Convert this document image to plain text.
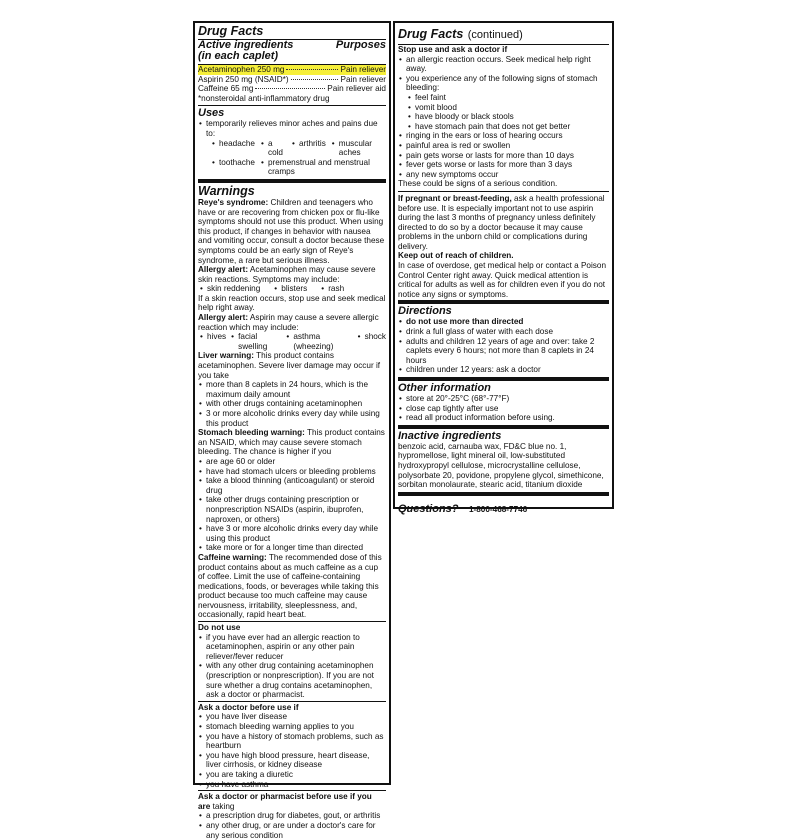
Drug Facts
Active ingredients	Purposes
(in each caplet)
Acetaminophen 250 mg	Pain reliever
Aspirin 250 mg (NSAID*)	Pain reliever
Caffeine 65 mg	Pain reliever aid
*nonsteroidal anti-inflammatory drug
Uses
• temporarily relieves minor aches and pains due to:
• headache	• a cold
• arthritis	• muscular aches
• toothache	• premenstrual and menstrual cramps
Warnings
Reye's syndrome: Children and teenagers who have or are recovering from chicken pox or flu-like symptoms should not use this product. When using this product, if changes in behavior with nausea and vomiting occur, consult a doctor because these symptoms could be an early sign of Reye's syndrome, a rare but serious illness.
Allergy alert: Acetaminophen may cause severe skin reactions. Symptoms may include:
• skin reddening	• blisters	• rash
If a skin reaction occurs, stop use and seek medical help right away.
Allergy alert: Aspirin may cause a severe allergic reaction which may include:
• hives	• facial swelling
• asthma (wheezing)
• shock
Liver warning: This product contains acetaminophen. Severe liver damage may occur if you take
• more than 8 caplets in 24 hours, which is the maximum daily amount
• with other drugs containing acetaminophen
• 3 or more alcoholic drinks every day while using this product
Stomach bleeding warning: This product contains an NSAID, which may cause severe stomach bleeding. The chance is higher if you
• are age 60 or older
• have had stomach ulcers or bleeding problems
• take a blood thinning (anticoagulant) or steroid drug
• take other drugs containing prescription or nonprescription NSAIDs (aspirin, ibuprofen, naproxen, or others)
• have 3 or more alcoholic drinks every day while using this product
• take more or for a longer time than directed
Caffeine warning: The recommended dose of this product contains about as much caffeine as a cup of coffee. Limit the use of caffeine-containing medications, foods, or beverages while taking this product because too much caffeine may cause nervousness, irritability, sleeplessness, and, occasionally, rapid heart beat.
Do not use
• if you have ever had an allergic reaction to acetaminophen, aspirin or any other pain reliever/fever reducer
• with any other drug containing acetaminophen (prescription or nonprescription). If you are not sure whether a drug contains acetaminophen, ask a doctor or pharmacist.
Ask a doctor before use if
• you have liver disease
• stomach bleeding warning applies to you
• you have a history of stomach problems, such as heartburn
• you have high blood pressure, heart disease, liver cirrhosis, or kidney disease
• you are taking a diuretic
• you have asthma
Ask a doctor or pharmacist before use if you are taking
• a prescription drug for diabetes, gout, or arthritis
• any other drug, or are under a doctor's care for any serious condition
Drug Facts (continued)
Stop use and ask a doctor if
• an allergic reaction occurs. Seek medical help right away.
• you experience any of the following signs of stomach bleeding:
• feel faint
• vomit blood
• have bloody or black stools
• have stomach pain that does not get better
• ringing in the ears or loss of hearing occurs
• painful area is red or swollen
• pain gets worse or lasts for more than 10 days
• fever gets worse or lasts for more than 3 days
• any new symptoms occur
These could be signs of a serious condition.
If pregnant or breast-feeding, ask a health professional before use. It is especially important not to use aspirin during the last 3 months of pregnancy unless definitely directed to do so by a doctor because it may cause problems in the unborn child or complications during delivery.
Keep out of reach of children.
In case of overdose, get medical help or contact a Poison Control Center right away. Quick medical attention is critical for adults as well as for children even if you do not notice any signs or symptoms.
Directions
• do not use more than directed
• drink a full glass of water with each dose
• adults and children 12 years of age and over: take 2 caplets every 6 hours; not more than 8 caplets in 24 hours
• children under 12 years: ask a doctor
Other information
• store at 20°-25°C (68°-77°F)
• close cap tightly after use
• read all product information before using.
Inactive ingredients
benzoic acid, carnauba wax, FD&C blue no. 1, hypromellose, light mineral oil, low-substituted hydroxypropyl cellulose, microcrystalline cellulose, polysorbate 20, povidone, propylene glycol, simethicone, sorbitan monolaurate, stearic acid, titanium dioxide
Questions? 1-800-468-7746
